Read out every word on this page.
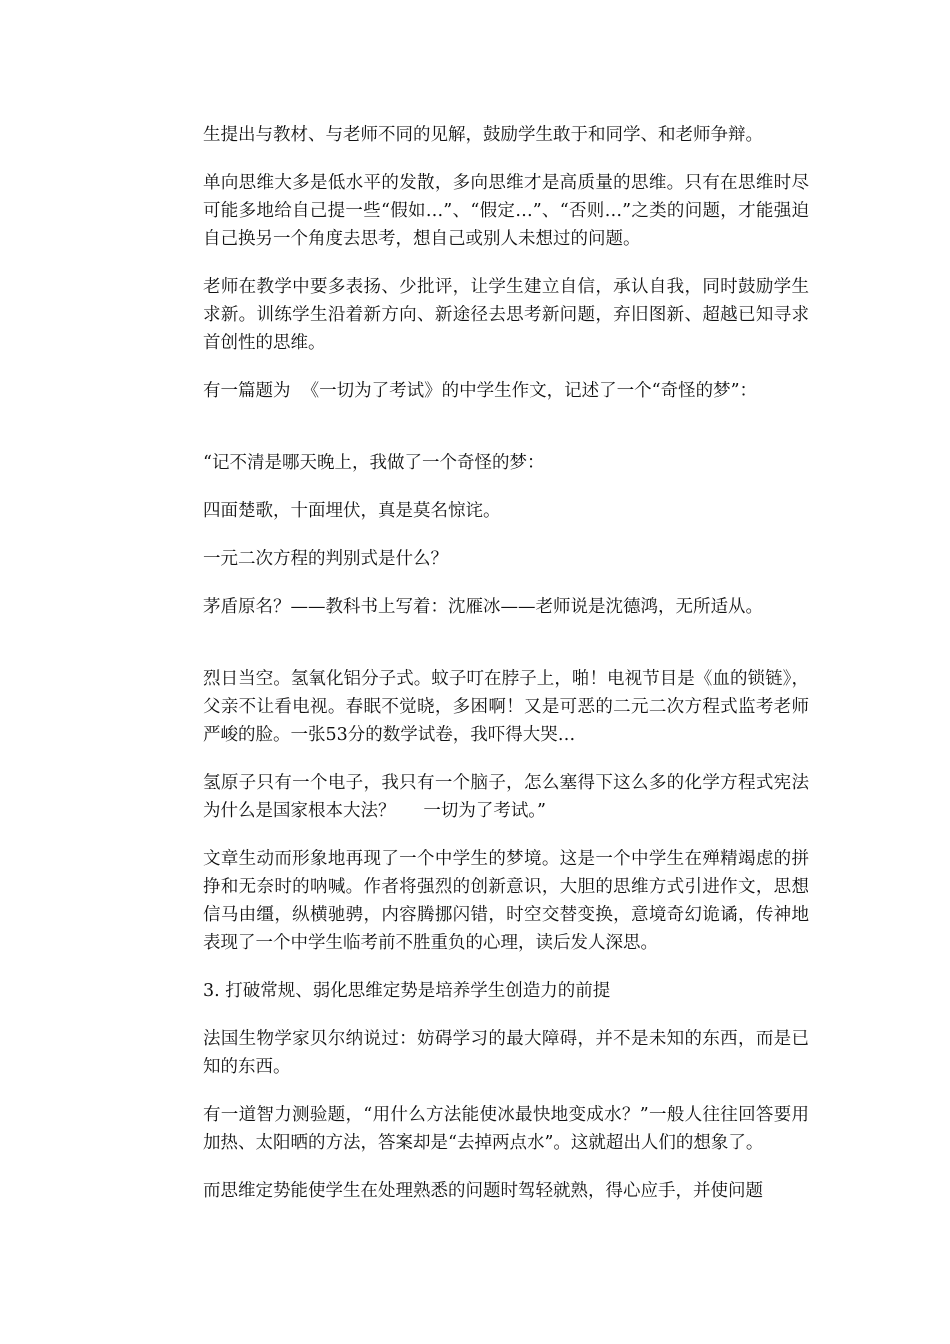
生提出与教材、与老师不同的见解，鼓励学生敢于和同学、和老师争辩。

单向思维大多是低水平的发散，多向思维才是高质量的思维。只有在思维时尽可能多地给自己提一些“假如…”、“假定…”、“否则…”之类的问题，才能强迫自己换另一个角度去思考，想自己或别人未想过的问题。

老师在教学中要多表扬、少批评，让学生建立自信，承认自我，同时鼓励学生求新。训练学生沿着新方向、新途径去思考新问题，弃旧图新、超越已知寻求首创性的思维。

有一篇题为  《一切为了考试》的中学生作文，记述了一个“奇怪的梦”：

“记不清是哪天晚上，我做了一个奇怪的梦：

四面楚歌，十面埋伏，真是莫名惊诧。

一元二次方程的判别式是什么？

茅盾原名？——教科书上写着：沈雁冰——老师说是沈德鸿，无所适从。

烈日当空。氢氧化铝分子式。蚊子叮在脖子上，啪！电视节目是《血的锁链》，父亲不让看电视。春眠不觉晓，多困啊！又是可恶的二元二次方程式监考老师严峻的脸。一张53分的数学试卷，我吓得大哭…

氢原子只有一个电子，我只有一个脑子，怎么塞得下这么多的化学方程式宪法为什么是国家根本大法？     一切为了考试。”

文章生动而形象地再现了一个中学生的梦境。这是一个中学生在殚精竭虑的拼挣和无奈时的呐喊。作者将强烈的创新意识，大胆的思维方式引进作文，思想信马由缰，纵横驰骋，内容腾挪闪错，时空交替变换，意境奇幻诡谲，传神地表现了一个中学生临考前不胜重负的心理，读后发人深思。

3. 打破常规、弱化思维定势是培养学生创造力的前提

法国生物学家贝尔纳说过：妨碍学习的最大障碍，并不是未知的东西，而是已知的东西。

有一道智力测验题，“用什么方法能使冰最快地变成水？”一般人往往回答要用加热、太阳晒的方法，答案却是“去掉两点水”。这就超出人们的想象了。

而思维定势能使学生在处理熟悉的问题时驾轻就熟，得心应手，并使问题
